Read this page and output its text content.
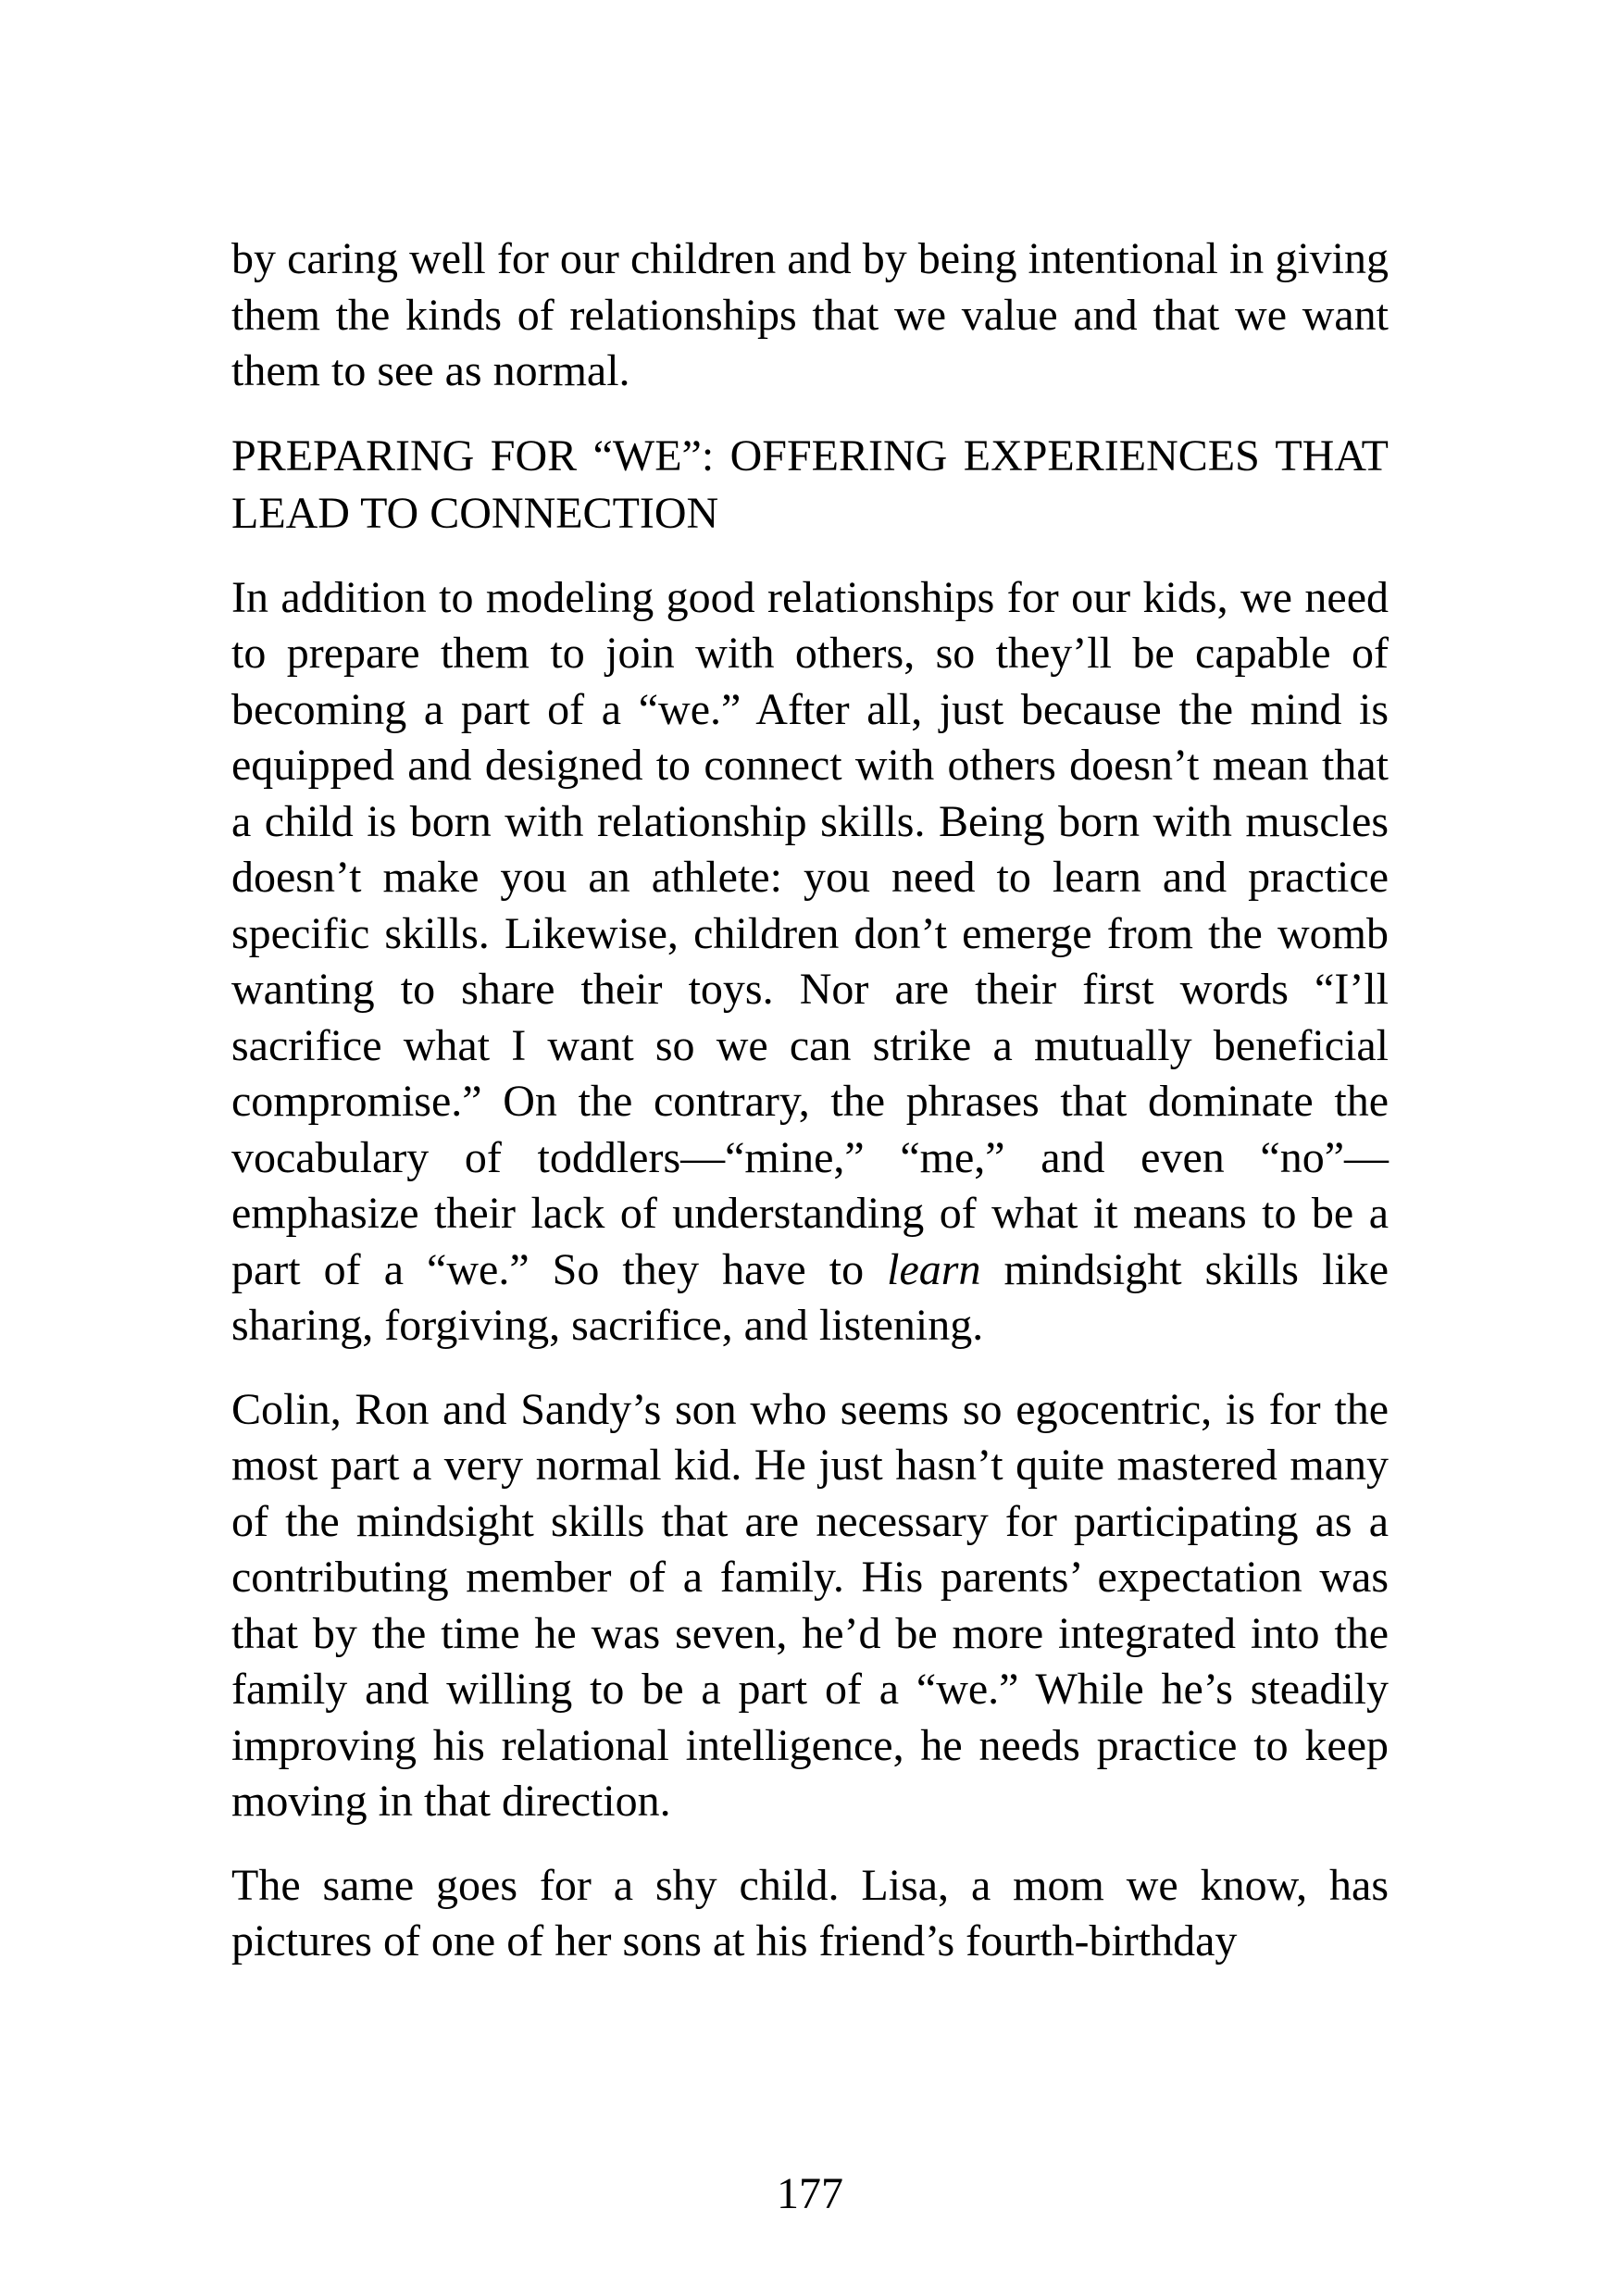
by caring well for our children and by being intentional in giving them the kinds of relationships that we value and that we want them to see as normal.

PREPARING FOR “WE”: OFFERING EXPERIENCES THAT LEAD TO CONNECTION

In addition to modeling good relationships for our kids, we need to prepare them to join with others, so they’ll be capable of becoming a part of a “we.” After all, just because the mind is equipped and designed to connect with others doesn’t mean that a child is born with relationship skills. Being born with muscles doesn’t make you an athlete: you need to learn and practice specific skills. Likewise, children don’t emerge from the womb wanting to share their toys. Nor are their first words “I’ll sacrifice what I want so we can strike a mutually beneficial compromise.” On the contrary, the phrases that dominate the vocabulary of toddlers—“mine,” “me,” and even “no”—emphasize their lack of understanding of what it means to be a part of a “we.” So they have to learn mindsight skills like sharing, forgiving, sacrifice, and listening.

Colin, Ron and Sandy’s son who seems so egocentric, is for the most part a very normal kid. He just hasn’t quite mastered many of the mindsight skills that are necessary for participating as a contributing member of a family. His parents’ expectation was that by the time he was seven, he’d be more integrated into the family and willing to be a part of a “we.” While he’s steadily improving his relational intelligence, he needs practice to keep moving in that direction.

The same goes for a shy child. Lisa, a mom we know, has pictures of one of her sons at his friend’s fourth-birthday

177
